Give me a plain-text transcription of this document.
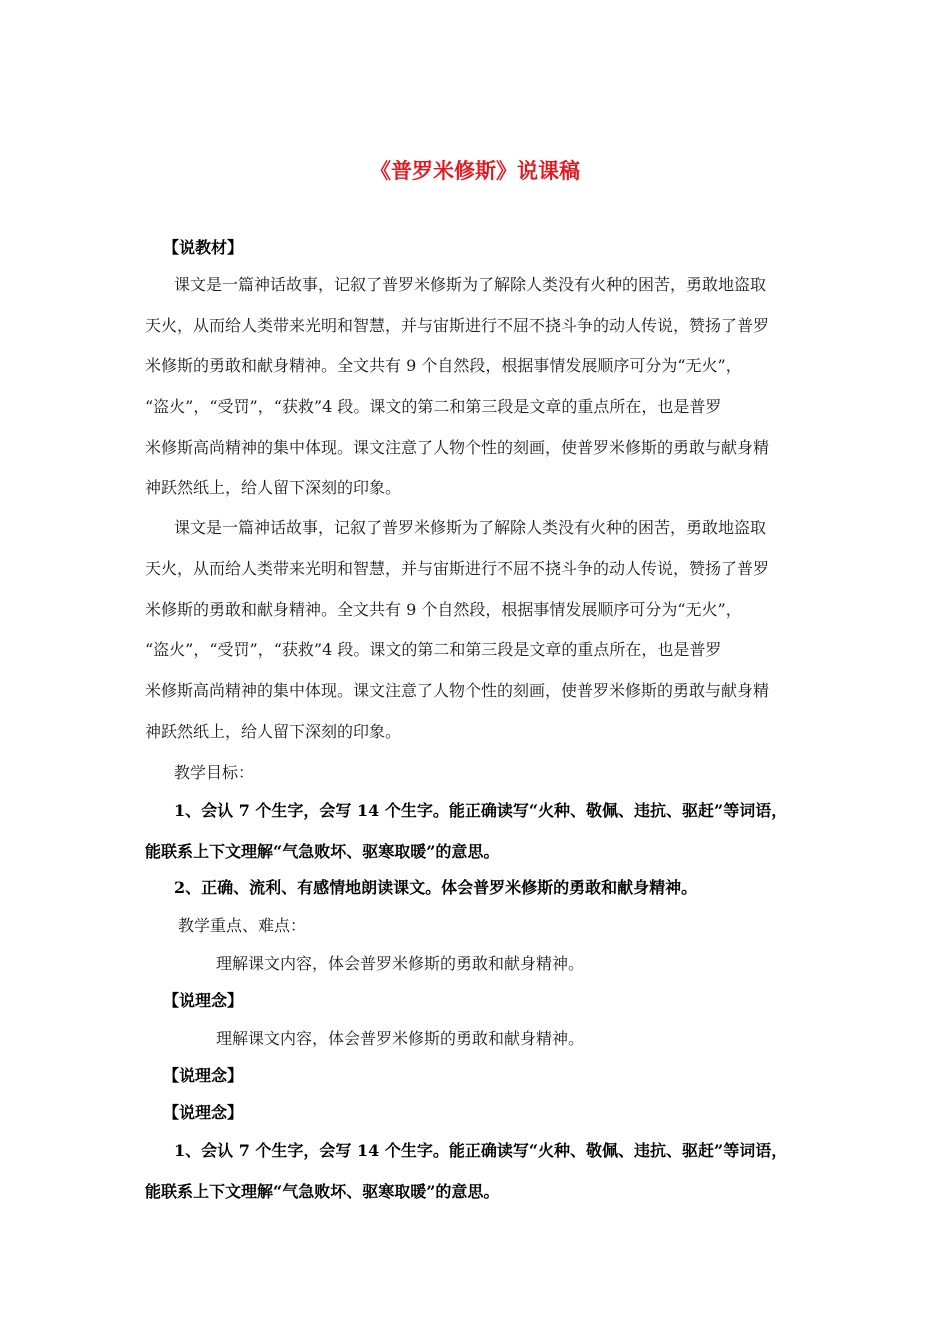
《普罗米修斯》说课稿
【说教材】
课文是一篇神话故事，记叙了普罗米修斯为了解除人类没有火种的困苦，勇敢地盗取
天火，从而给人类带来光明和智慧，并与宙斯进行不屈不挠斗争的动人传说，赞扬了普罗
米修斯的勇敢和献身精神。全文共有 9 个自然段，根据事情发展顺序可分为“无火”，
“盗火”，“受罚”，“获救”4 段。课文的第二和第三段是文章的重点所在，也是普罗
米修斯高尚精神的集中体现。课文注意了人物个性的刻画，使普罗米修斯的勇敢与献身精
神跃然纸上，给人留下深刻的印象。
课文是一篇神话故事，记叙了普罗米修斯为了解除人类没有火种的困苦，勇敢地盗取
天火，从而给人类带来光明和智慧，并与宙斯进行不屈不挠斗争的动人传说，赞扬了普罗
米修斯的勇敢和献身精神。全文共有 9 个自然段，根据事情发展顺序可分为“无火”，
“盗火”，“受罚”，“获救”4 段。课文的第二和第三段是文章的重点所在，也是普罗
米修斯高尚精神的集中体现。课文注意了人物个性的刻画，使普罗米修斯的勇敢与献身精
神跃然纸上，给人留下深刻的印象。
教学目标：
1、会认 7 个生字，会写 14 个生字。能正确读写“火种、敬佩、违抗、驱赶”等词语，
能联系上下文理解“气急败坏、驱寒取暖”的意思。
2、正确、流利、有感情地朗读课文。体会普罗米修斯的勇敢和献身精神。
教学重点、难点：
理解课文内容，体会普罗米修斯的勇敢和献身精神。
【说理念】
理解课文内容，体会普罗米修斯的勇敢和献身精神。
【说理念】
【说理念】
1、会认 7 个生字，会写 14 个生字。能正确读写“火种、敬佩、违抗、驱赶”等词语，
能联系上下文理解“气急败坏、驱寒取暖”的意思。
